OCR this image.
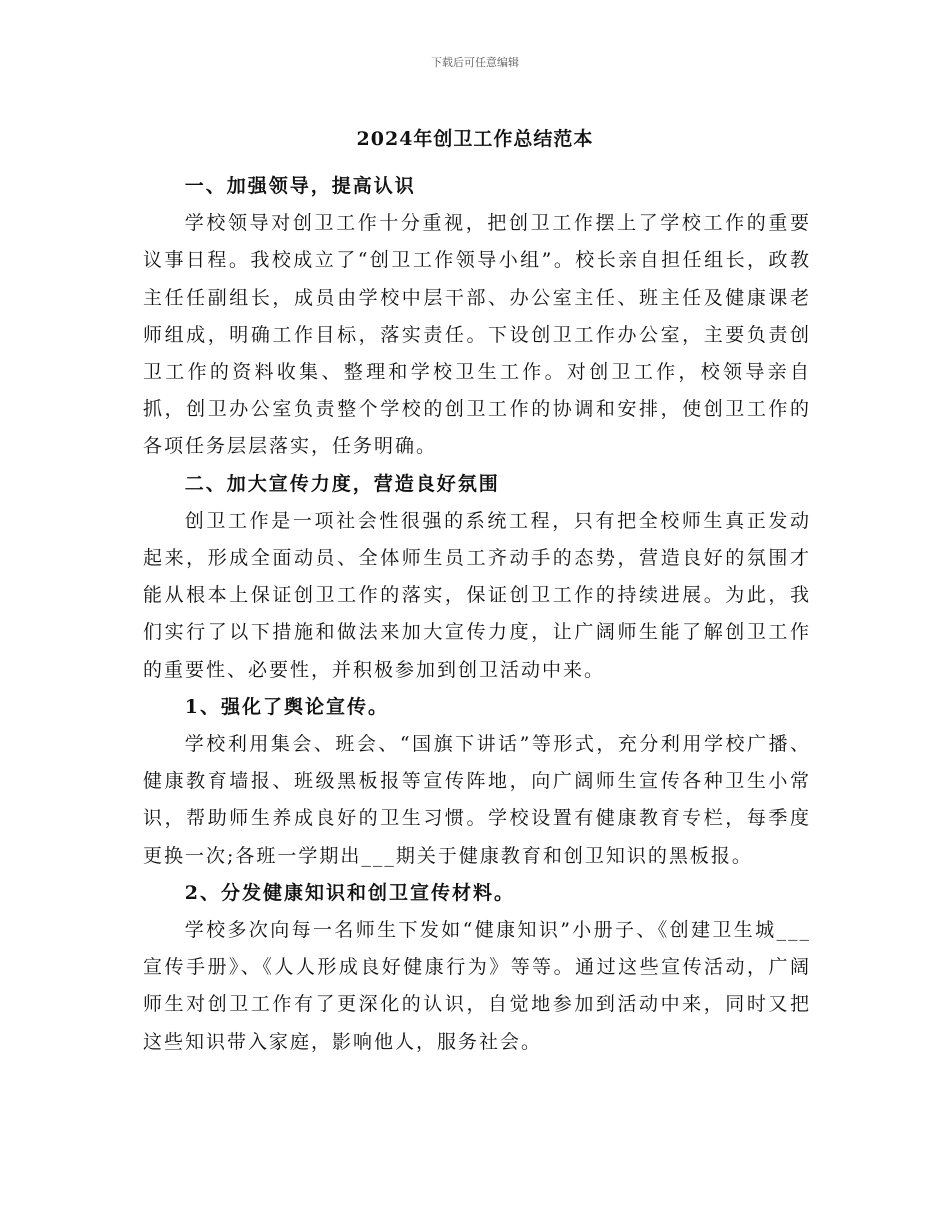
下载后可任意编辑
2024年创卫工作总结范本

一、加强领导，提高认识

学校领导对创卫工作十分重视，把创卫工作摆上了学校工作的重要议事日程。我校成立了“创卫工作领导小组”。校长亲自担任组长，政教主任任副组长，成员由学校中层干部、办公室主任、班主任及健康课老师组成，明确工作目标，落实责任。下设创卫工作办公室，主要负责创卫工作的资料收集、整理和学校卫生工作。对创卫工作，校领导亲自抓，创卫办公室负责整个学校的创卫工作的协调和安排，使创卫工作的各项任务层层落实，任务明确。

二、加大宣传力度，营造良好氛围

创卫工作是一项社会性很强的系统工程，只有把全校师生真正发动起来，形成全面动员、全体师生员工齐动手的态势，营造良好的氛围才能从根本上保证创卫工作的落实，保证创卫工作的持续进展。为此，我们实行了以下措施和做法来加大宣传力度，让广阔师生能了解创卫工作的重要性、必要性，并积极参加到创卫活动中来。

1、强化了舆论宣传。

学校利用集会、班会、“国旗下讲话”等形式，充分利用学校广播、健康教育墙报、班级黑板报等宣传阵地，向广阔师生宣传各种卫生小常识，帮助师生养成良好的卫生习惯。学校设置有健康教育专栏，每季度更换一次;各班一学期出___期关于健康教育和创卫知识的黑板报。

2、分发健康知识和创卫宣传材料。

学校多次向每一名师生下发如“健康知识”小册子、《创建卫生城___宣传手册》、《人人形成良好健康行为》等等。通过这些宣传活动，广阔师生对创卫工作有了更深化的认识，自觉地参加到活动中来，同时又把这些知识带入家庭，影响他人，服务社会。
